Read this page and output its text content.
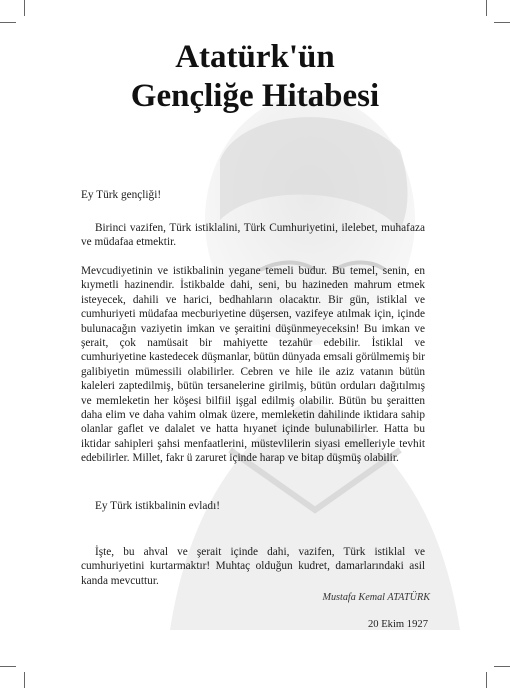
Atatürk'ün
Gençliğe Hitabesi
Ey Türk gençliği!
Birinci vazifen, Türk istiklalini, Türk Cumhuriyetini, ilelebet, muhafaza ve müdafaa etmektir.
Mevcudiyetinin ve istikbalinin yegane temeli budur. Bu temel, senin, en kıymetli hazinendir. İstikbalde dahi, seni, bu hazineden mahrum etmek isteyecek, dahili ve harici, bedhahların olacaktır. Bir gün, istiklal ve cumhuriyeti müdafaa mecburiyetine düşersen, vazifeye atılmak için, içinde bulunacağın vaziyetin imkan ve şeraitini düşünmeyeceksin! Bu imkan ve şerait, çok namüsait bir mahiyette tezahür edebilir. İstiklal ve cumhuriyetine kastedecek düşmanlar, bütün dünyada emsali görülmemiş bir galibiyetin mümessili olabilirler. Cebren ve hile ile aziz vatanın bütün kaleleri zaptedilmiş, bütün tersanelerine girilmiş, bütün orduları dağıtılmış ve memleketin her köşesi bilfiil işgal edilmiş olabilir. Bütün bu şeraitten daha elim ve daha vahim olmak üzere, memleketin dahilinde iktidara sahip olanlar gaflet ve dalalet ve hatta hıyanet içinde bulunabilirler. Hatta bu iktidar sahipleri şahsi menfaatlerini, müstevlilerin siyasi emelleriyle tevhit edebilirler. Millet, fakr ü zaruret içinde harap ve bitap düşmüş olabilir.
Ey Türk istikbalinin evladı!
İşte, bu ahval ve şerait içinde dahi, vazifen, Türk istiklal ve cumhuriyetini kurtarmaktır! Muhtaç olduğun kudret, damarlarındaki asil kanda mevcuttur.
Mustafa Kemal ATATÜRK
20 Ekim 1927
